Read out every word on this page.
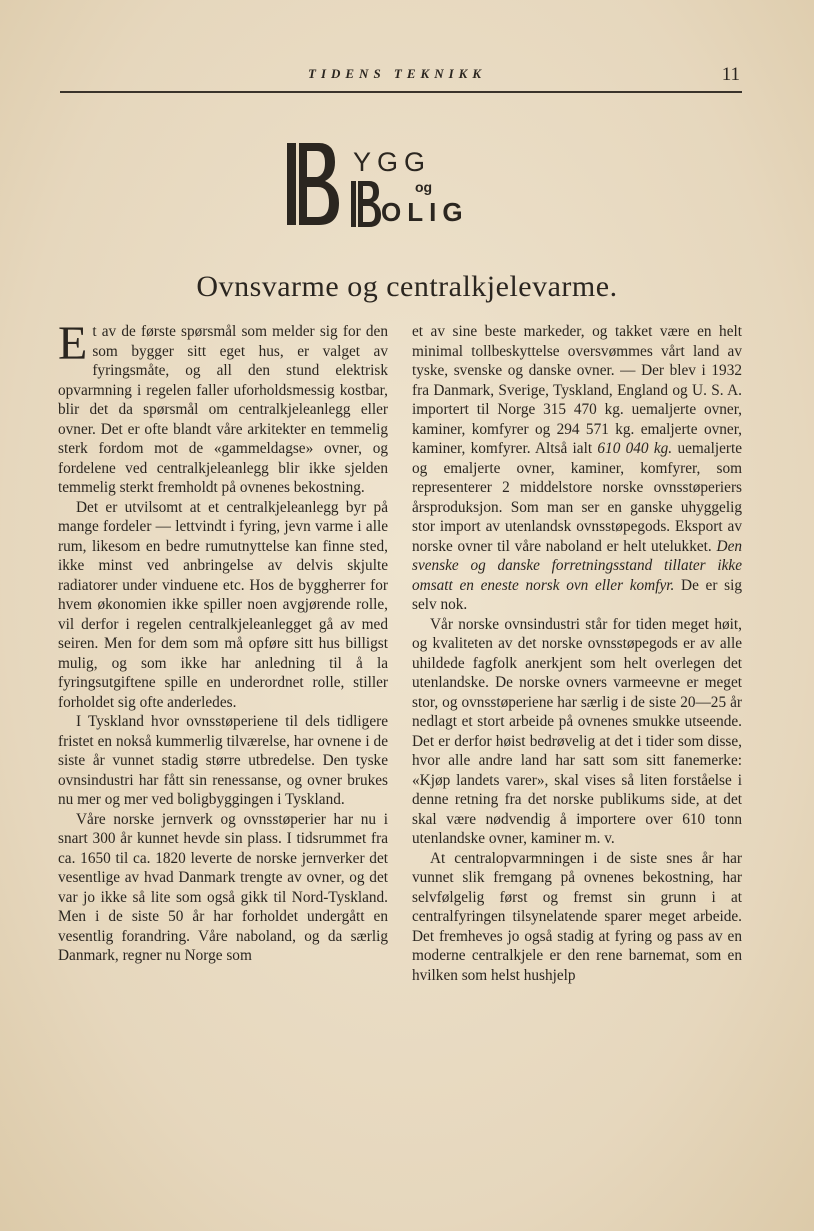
TIDENS TEKNIKK	11
YGG
og
OLIG
Ovnsvarme og centralkjelevarme.

Et av de første spørsmål som melder sig for den som bygger sitt eget hus, er valget av fyringsmåte, og all den stund elektrisk opvarmning i regelen faller uforholdsmessig kostbar, blir det da spørsmål om centralkjeleanlegg eller ovner. Det er ofte blandt våre arkitekter en temmelig sterk fordom mot de «gammeldagse» ovner, og fordelene ved centralkjeleanlegg blir ikke sjelden temmelig sterkt fremholdt på ovnenes bekostning.

Det er utvilsomt at et centralkjeleanlegg byr på mange fordeler — lettvindt i fyring, jevn varme i alle rum, likesom en bedre rumutnyttelse kan finne sted, ikke minst ved anbringelse av delvis skjulte radiatorer under vinduene etc. Hos de byggherrer for hvem økonomien ikke spiller noen avgjørende rolle, vil derfor i regelen centralkjeleanlegget gå av med seiren. Men for dem som må opføre sitt hus billigst mulig, og som ikke har anledning til å la fyringsutgiftene spille en underordnet rolle, stiller forholdet sig ofte anderledes.

I Tyskland hvor ovnsstøperiene til dels tidligere fristet en nokså kummerlig tilværelse, har ovnene i de siste år vunnet stadig større utbredelse. Den tyske ovnsindustri har fått sin renessanse, og ovner brukes nu mer og mer ved boligbyggingen i Tyskland.

Våre norske jernverk og ovnsstøperier har nu i snart 300 år kunnet hevde sin plass. I tidsrummet fra ca. 1650 til ca. 1820 leverte de norske jernverker det vesentlige av hvad Danmark trengte av ovner, og det var jo ikke så lite som også gikk til Nord-Tyskland. Men i de siste 50 år har forholdet undergått en vesentlig forandring. Våre naboland, og da særlig Danmark, regner nu Norge som

et av sine beste markeder, og takket være en helt minimal tollbeskyttelse oversvømmes vårt land av tyske, svenske og danske ovner. — Der blev i 1932 fra Danmark, Sverige, Tyskland, England og U. S. A. importert til Norge 315 470 kg. uemaljerte ovner, kaminer, komfyrer og 294 571 kg. emaljerte ovner, kaminer, komfyrer. Altså ialt 610 040 kg. uemaljerte og emaljerte ovner, kaminer, komfyrer, som representerer 2 middelstore norske ovnsstøperiers årsproduksjon. Som man ser en ganske uhyggelig stor import av utenlandsk ovnsstøpegods. Eksport av norske ovner til våre naboland er helt utelukket. Den svenske og danske forretningsstand tillater ikke omsatt en eneste norsk ovn eller komfyr. De er sig selv nok.

Vår norske ovnsindustri står for tiden meget høit, og kvaliteten av det norske ovnsstøpegods er av alle uhildede fagfolk anerkjent som helt overlegen det utenlandske. De norske ovners varmeevne er meget stor, og ovnsstøperiene har særlig i de siste 20—25 år nedlagt et stort arbeide på ovnenes smukke utseende. Det er derfor høist bedrøvelig at det i tider som disse, hvor alle andre land har satt som sitt fanemerke: «Kjøp landets varer», skal vises så liten forståelse i denne retning fra det norske publikums side, at det skal være nødvendig å importere over 610 tonn utenlandske ovner, kaminer m. v.

At centralopvarmningen i de siste snes år har vunnet slik fremgang på ovnenes bekostning, har selvfølgelig først og fremst sin grunn i at centralfyringen tilsynelatende sparer meget arbeide. Det fremheves jo også stadig at fyring og pass av en moderne centralkjele er den rene barnemat, som en hvilken som helst hushjelp
